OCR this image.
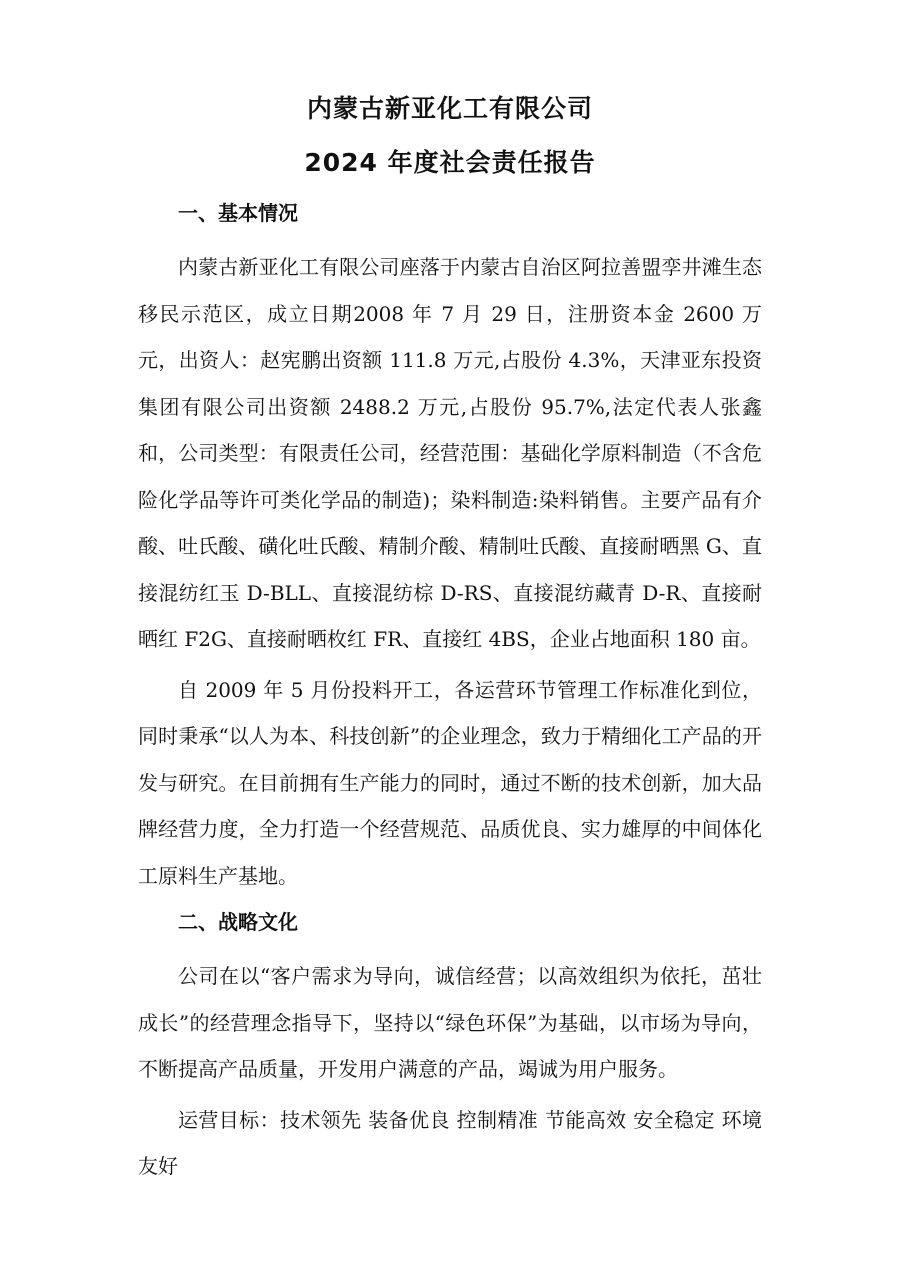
内蒙古新亚化工有限公司
2024 年度社会责任报告
一、基本情况

内蒙古新亚化工有限公司座落于内蒙古自治区阿拉善盟孪井滩生态移民示范区，成立日期2008 年 7 月 29 日，注册资本金 2600 万元，出资人：赵宪鹏出资额 111.8 万元,占股份 4.3%，天津亚东投资集团有限公司出资额 2488.2 万元,占股份 95.7%,法定代表人张鑫和，公司类型：有限责任公司，经营范围：基础化学原料制造（不含危险化学品等许可类化学品的制造)；染料制造:染料销售。主要产品有介酸、吐氏酸、磺化吐氏酸、精制介酸、精制吐氏酸、直接耐晒黑 G、直接混纺红玉 D-BLL、直接混纺棕 D-RS、直接混纺藏青 D-R、直接耐晒红 F2G、直接耐晒枚红 FR、直接红 4BS，企业占地面积 180 亩。

自 2009 年 5 月份投料开工，各运营环节管理工作标准化到位，同时秉承“以人为本、科技创新”的企业理念，致力于精细化工产品的开发与研究。在目前拥有生产能力的同时，通过不断的技术创新，加大品牌经营力度，全力打造一个经营规范、品质优良、实力雄厚的中间体化工原料生产基地。

二、战略文化

公司在以“客户需求为导向，诚信经营；以高效组织为依托，茁壮成长”的经营理念指导下，坚持以“绿色环保”为基础，以市场为导向，不断提高产品质量，开发用户满意的产品，竭诚为用户服务。

运营目标：技术领先 装备优良 控制精准 节能高效 安全稳定 环境友好
